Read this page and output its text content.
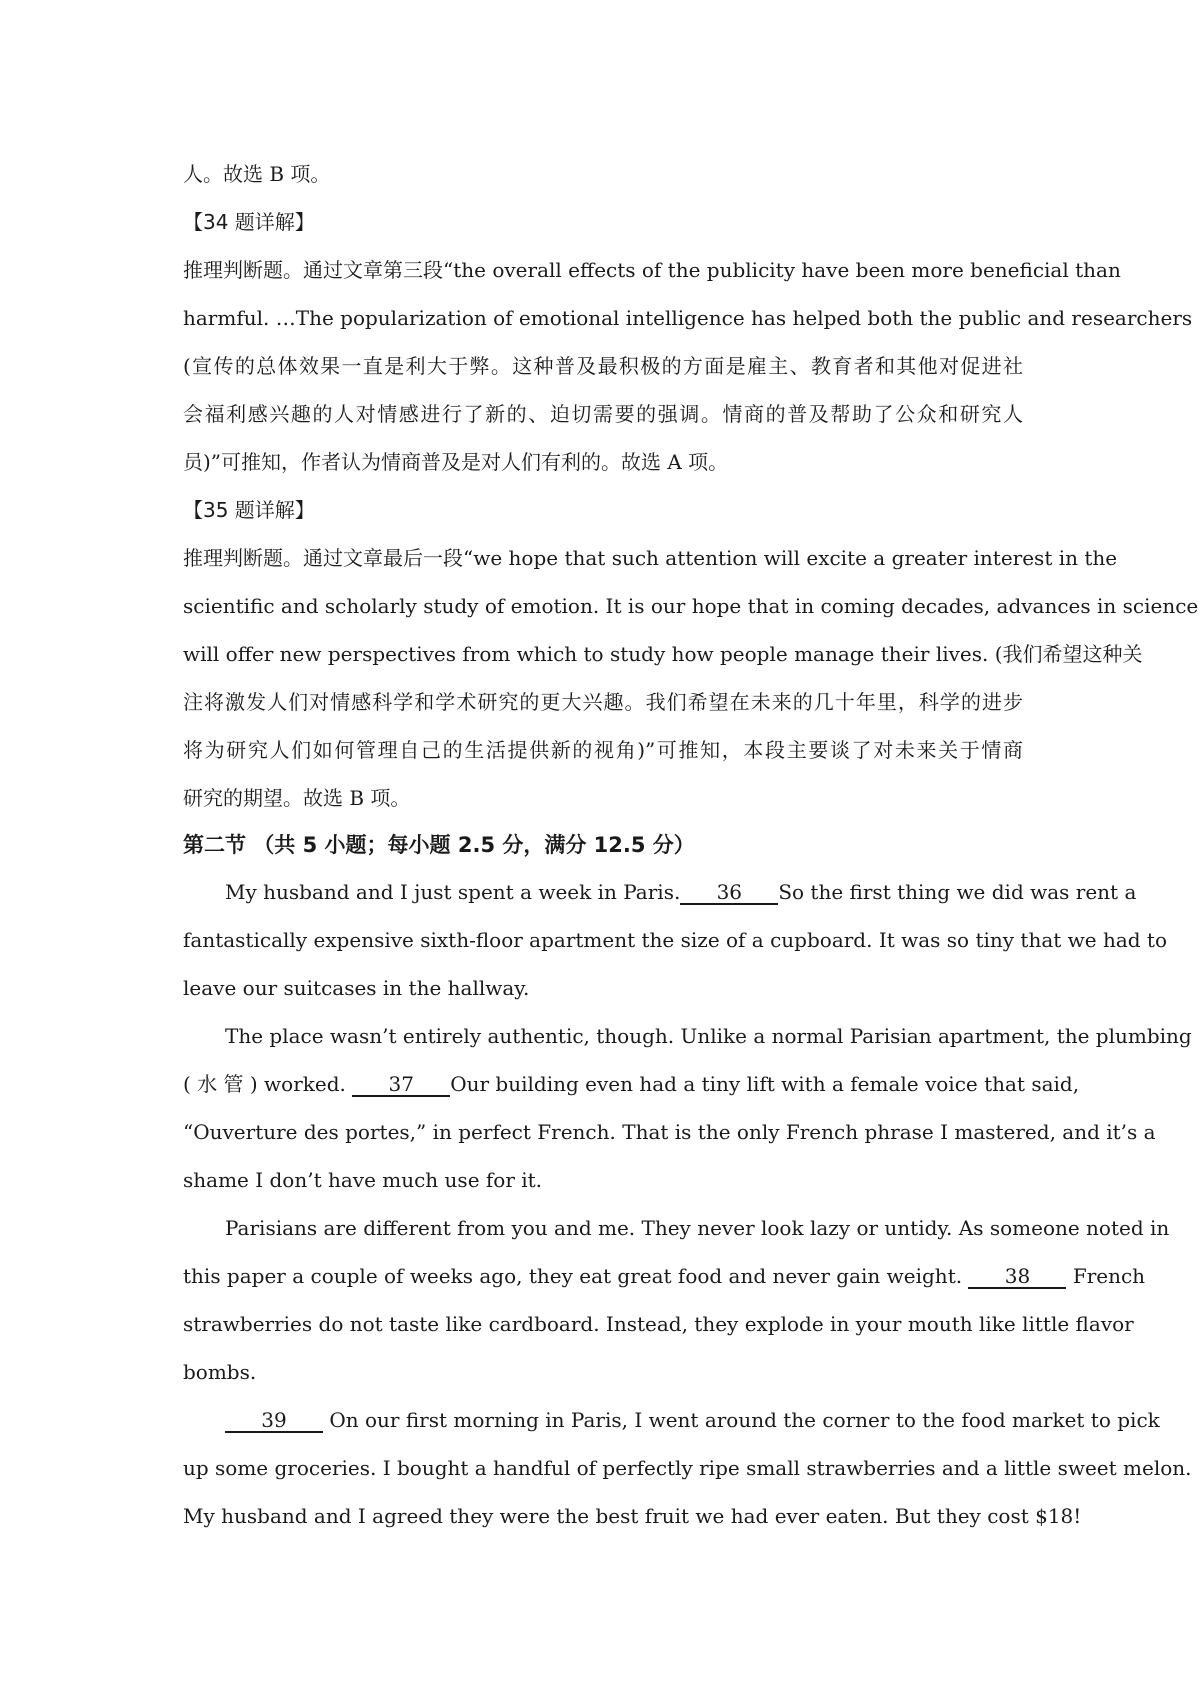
人。故选 B 项。
【34 题详解】
推理判断题。通过文章第三段“the overall effects of the publicity have been more beneficial than
harmful. …The popularization of emotional intelligence has helped both the public and researchers
(宣传的总体效果一直是利大于弊。这种普及最积极的方面是雇主、教育者和其他对促进社
会福利感兴趣的人对情感进行了新的、迫切需要的强调。情商的普及帮助了公众和研究人
员)”可推知，作者认为情商普及是对人们有利的。故选 A 项。
【35 题详解】
推理判断题。通过文章最后一段“we hope that such attention will excite a greater interest in the
scientific and scholarly study of emotion. It is our hope that in coming decades, advances in science
will offer new perspectives from which to study how people manage their lives. (我们希望这种关
注将激发人们对情感科学和学术研究的更大兴趣。我们希望在未来的几十年里，科学的进步
将为研究人们如何管理自己的生活提供新的视角)”可推知，本段主要谈了对未来关于情商
研究的期望。故选 B 项。
第二节 （共 5 小题；每小题 2.5 分，满分 12.5 分）
My husband and I just spent a week in Paris. 36 So the first thing we did was rent a
fantastically expensive sixth-floor apartment the size of a cupboard. It was so tiny that we had to
leave our suitcases in the hallway.
The place wasn’t entirely authentic, though. Unlike a normal Parisian apartment, the plumbing
( 水 管 ) worked. 37 Our building even had a tiny lift with a female voice that said,
“Ouverture des portes,” in perfect French. That is the only French phrase I mastered, and it’s a
shame I don’t have much use for it.
Parisians are different from you and me. They never look lazy or untidy. As someone noted in
this paper a couple of weeks ago, they eat great food and never gain weight. 38 French
strawberries do not taste like cardboard. Instead, they explode in your mouth like little flavor
bombs.
39 On our first morning in Paris, I went around the corner to the food market to pick
up some groceries. I bought a handful of perfectly ripe small strawberries and a little sweet melon.
My husband and I agreed they were the best fruit we had ever eaten. But they cost $18!
